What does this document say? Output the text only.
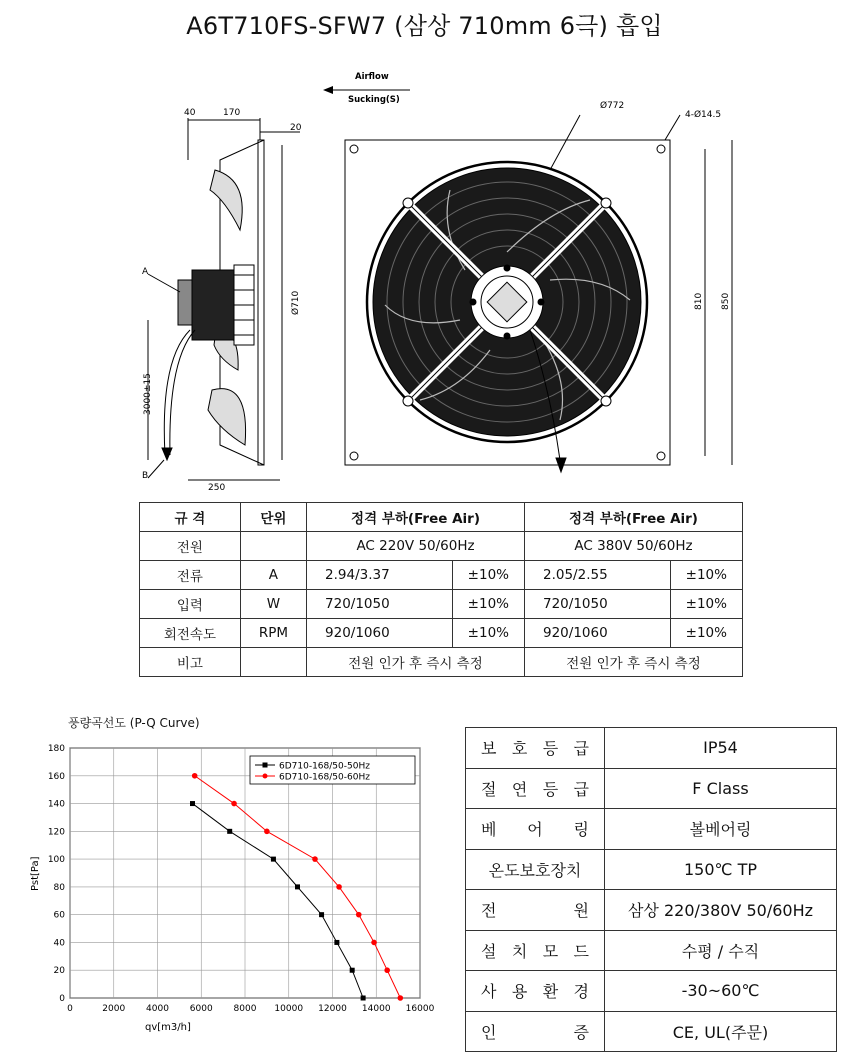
A6T710FS-SFW7 (삼상 710mm 6극) 흡입
Airflow
Sucking(S)
40	170
20
3000±15
A
B
250
Ø710
Ø772
4-Ø14.5
810 850
규 격	단위	정격 부하(Free Air)		정격 부하(Free Air)	
전원		AC 220V 50/60Hz		AC 380V 50/60Hz	
전류	A	2.94/3.37	±10%	2.05/2.55	±10%
입력	W	720/1050	±10%	720/1050	±10%
회전속도	RPM	920/1060	±10%	920/1060	±10%
비고		전원 인가 후 즉시 측정		전원 인가 후 즉시 측정	
풍량곡선도 (P-Q Curve)
0	2000 4000 6000 8000 10000 12000 14000 16000
0
20
40
60
80
100
120
140
160
180
qv[m3/h]
Pst[Pa]
6D710-168/50-50Hz
6D710-168/50-60Hz
보 호 등 급	IP54

절 연 등 급	F Class

베 어 링	볼베어링

온도보호장치	150℃ TP

전 원	삼상 220/380V 50/60Hz

설 치 모 드	수평 / 수직

사 용 환 경	-30~60℃

인 증	CE, UL(주문)
